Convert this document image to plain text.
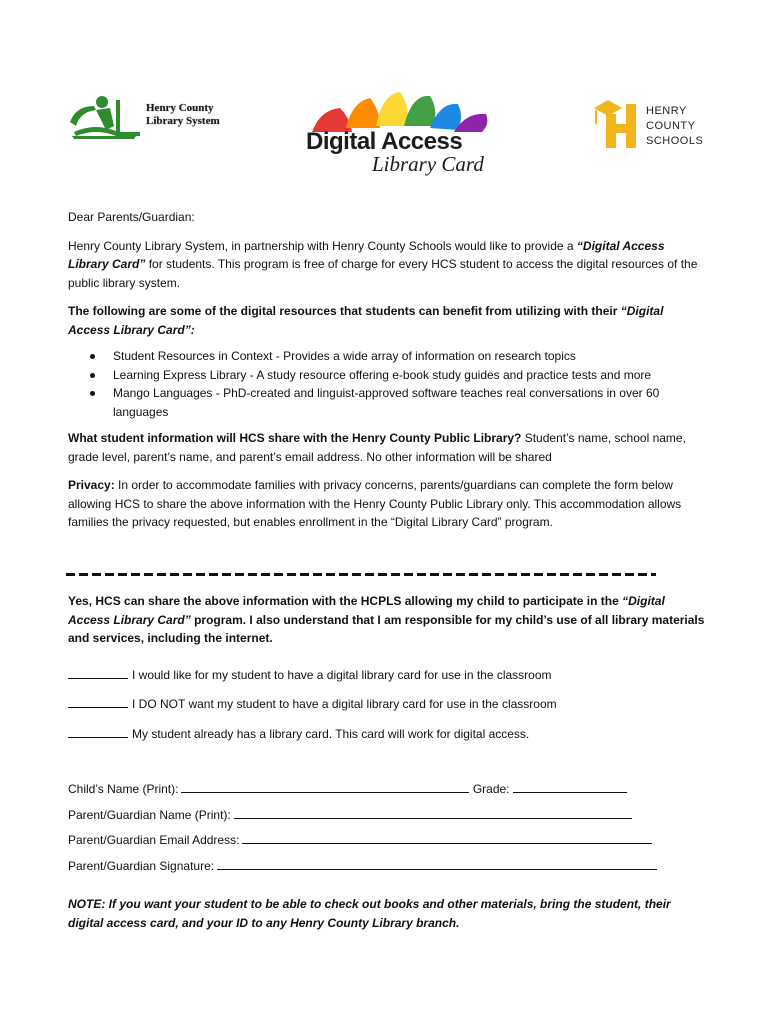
Henry County
Library System
Digital Access
Library Card
HENRY
COUNTY
SCHOOLS

Dear Parents/Guardian:

Henry County Library System, in partnership with Henry County Schools would like to provide a “Digital Access Library Card” for students. This program is free of charge for every HCS student to access the digital resources of the public library system.

The following are some of the digital resources that students can benefit from utilizing with their “Digital Access Library Card”:

Student Resources in Context - Provides a wide array of information on research topics
Learning Express Library - A study resource offering e-book study guides and practice tests and more
Mango Languages - PhD-created and linguist-approved software teaches real conversations in over 60 languages

What student information will HCS share with the Henry County Public Library? Student’s name, school name, grade level, parent’s name, and parent’s email address. No other information will be shared

Privacy: In order to accommodate families with privacy concerns, parents/guardians can complete the form below allowing HCS to share the above information with the Henry County Public Library only. This accommodation allows families the privacy requested, but enables enrollment in the “Digital Library Card” program.

Yes, HCS can share the above information with the HCPLS allowing my child to participate in the “Digital Access Library Card” program. I also understand that I am responsible for my child’s use of all library materials and services, including the internet.

I would like for my student to have a digital library card for use in the classroom
I DO NOT want my student to have a digital library card for use in the classroom
My student already has a library card. This card will work for digital access.
Child’s Name (Print):	Grade:
Parent/Guardian Name (Print):
Parent/Guardian Email Address:
Parent/Guardian Signature:
NOTE: If you want your student to be able to check out books and other materials, bring the student, their digital access card, and your ID to any Henry County Library branch.
